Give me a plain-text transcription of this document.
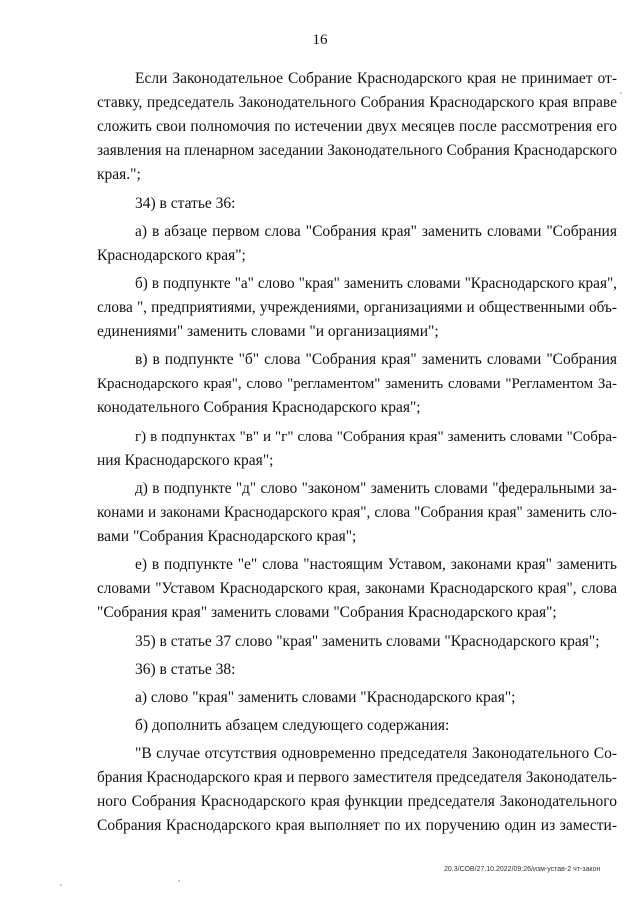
16
Если Законодательное Собрание Краснодарского края не принимает от-
ставку, председатель Законодательного Собрания Краснодарского края вправе
сложить свои полномочия по истечении двух месяцев после рассмотрения его
заявления на пленарном заседании Законодательного Собрания Краснодарского
края.";
34) в статье 36:
а) в абзаце первом слова "Собрания края" заменить словами "Собрания
Краснодарского края";
б) в подпункте "а" слово "края" заменить словами "Краснодарского края",
слова ", предприятиями, учреждениями, организациями и общественными объ-
единениями" заменить словами "и организациями";
в) в подпункте "б" слова "Собрания края" заменить словами "Собрания
Краснодарского края", слово "регламентом" заменить словами "Регламентом За-
конодательного Собрания Краснодарского края";
г) в подпунктах "в" и "г" слова "Собрания края" заменить словами "Собра-
ния Краснодарского края";
д) в подпункте "д" слово "законом" заменить словами "федеральными за-
конами и законами Краснодарского края", слова "Собрания края" заменить сло-
вами "Собрания Краснодарского края";
е) в подпункте "е" слова "настоящим Уставом, законами края" заменить
словами "Уставом Краснодарского края, законами Краснодарского края", слова
"Собрания края" заменить словами "Собрания Краснодарского края";
35) в статье 37 слово "края" заменить словами "Краснодарского края";
36) в статье 38:
а) слово "края" заменить словами "Краснодарского края";
б) дополнить абзацем следующего содержания:
"В случае отсутствия одновременно председателя Законодательного Со-
брания Краснодарского края и первого заместителя председателя Законодатель-
ного Собрания Краснодарского края функции председателя Законодательного
Собрания Краснодарского края выполняет по их поручению один из замести-
20.3/СОВ/27.10.2022/09:26/изм-устав-2 чт-закон
